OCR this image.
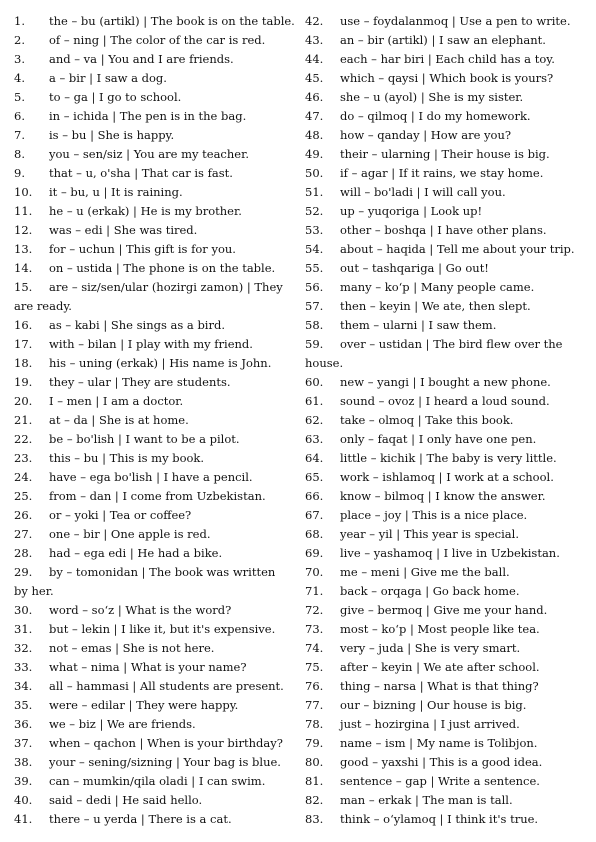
1. the – bu (artikl) | The book is on the table.
2. of – ning | The color of the car is red.
3. and – va | You and I are friends.
4. a – bir | I saw a dog.
5. to – ga | I go to school.
6. in – ichida | The pen is in the bag.
7. is – bu | She is happy.
8. you – sen/siz | You are my teacher.
9. that – u, o'sha | That car is fast.
10. it – bu, u | It is raining.
11. he – u (erkak) | He is my brother.
12. was – edi | She was tired.
13. for – uchun | This gift is for you.
14. on – ustida | The phone is on the table.
15. are – siz/sen/ular (hozirgi zamon) | They
are ready.
16. as – kabi | She sings as a bird.
17. with – bilan | I play with my friend.
18. his – uning (erkak) | His name is John.
19. they – ular | They are students.
20. I – men | I am a doctor.
21. at – da | She is at home.
22. be – bo'lish | I want to be a pilot.
23. this – bu | This is my book.
24. have – ega bo'lish | I have a pencil.
25. from – dan | I come from Uzbekistan.
26. or – yoki | Tea or coffee?
27. one – bir | One apple is red.
28. had – ega edi | He had a bike.
29. by – tomonidan | The book was written
by her.
30. word – so‘z | What is the word?
31. but – lekin | I like it, but it's expensive.
32. not – emas | She is not here.
33. what – nima | What is your name?
34. all – hammasi | All students are present.
35. were – edilar | They were happy.
36. we – biz | We are friends.
37. when – qachon | When is your birthday?
38. your – sening/sizning | Your bag is blue.
39. can – mumkin/qila oladi | I can swim.
40. said – dedi | He said hello.
41. there – u yerda | There is a cat.
42. use – foydalanmoq | Use a pen to write.
43. an – bir (artikl) | I saw an elephant.
44. each – har biri | Each child has a toy.
45. which – qaysi | Which book is yours?
46. she – u (ayol) | She is my sister.
47. do – qilmoq | I do my homework.
48. how – qanday | How are you?
49. their – ularning | Their house is big.
50. if – agar | If it rains, we stay home.
51. will – bo'ladi | I will call you.
52. up – yuqoriga | Look up!
53. other – boshqa | I have other plans.
54. about – haqida | Tell me about your trip.
55. out – tashqariga | Go out!
56. many – ko‘p | Many people came.
57. then – keyin | We ate, then slept.
58. them – ularni | I saw them.
59. over – ustidan | The bird flew over the
house.
60. new – yangi | I bought a new phone.
61. sound – ovoz | I heard a loud sound.
62. take – olmoq | Take this book.
63. only – faqat | I only have one pen.
64. little – kichik | The baby is very little.
65. work – ishlamoq | I work at a school.
66. know – bilmoq | I know the answer.
67. place – joy | This is a nice place.
68. year – yil | This year is special.
69. live – yashamoq | I live in Uzbekistan.
70. me – meni | Give me the ball.
71. back – orqaga | Go back home.
72. give – bermoq | Give me your hand.
73. most – ko‘p | Most people like tea.
74. very – juda | She is very smart.
75. after – keyin | We ate after school.
76. thing – narsa | What is that thing?
77. our – bizning | Our house is big.
78. just – hozirgina | I just arrived.
79. name – ism | My name is Tolibjon.
80. good – yaxshi | This is a good idea.
81. sentence – gap | Write a sentence.
82. man – erkak | The man is tall.
83. think – o‘ylamoq | I think it's true.
